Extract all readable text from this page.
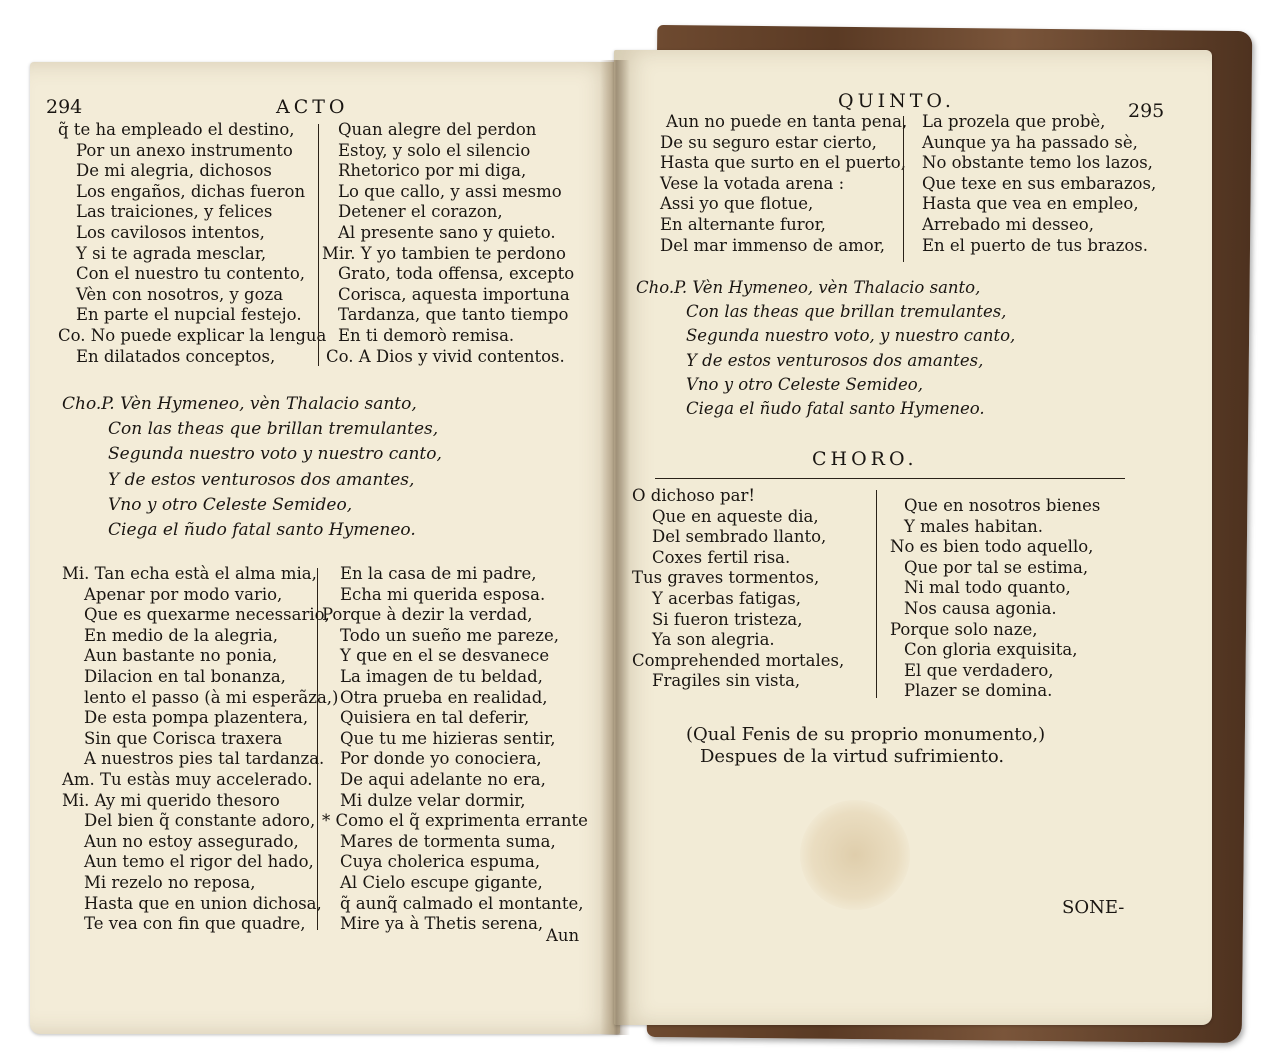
294	ACTO
q̃ te ha empleado el destino,
Por un anexo instrumento
De mi alegria, dichosos
Los engaños, dichas fueron
Las traiciones, y felices
Los cavilosos intentos,
Y si te agrada mesclar,
Con el nuestro tu contento,
Vèn con nosotros, y goza
En parte el nupcial festejo.
Co. No puede explicar la lengua
En dilatados conceptos,
Quan alegre del perdon
Estoy, y solo el silencio
Rhetorico por mi diga,
Lo que callo, y assi mesmo
Detener el corazon,
Al presente sano y quieto.
Mir. Y yo tambien te perdono
Grato, toda offensa, excepto
Corisca, aquesta importuna
Tardanza, que tanto tiempo
En ti demorò remisa.
Co. A Dios y vivid contentos.
Cho.P. Vèn Hymeneo, vèn Thalacio santo,
Con las theas que brillan tremulantes,
Segunda nuestro voto y nuestro canto,
Y de estos venturosos dos amantes,
Vno y otro Celeste Semideo,
Ciega el ñudo fatal santo Hymeneo.
Mi. Tan echa està el alma mia,
Apenar por modo vario,
Que es quexarme necessario,
En medio de la alegria,
Aun bastante no ponia,
Dilacion en tal bonanza,
lento el passo (à mi esperãza,)
De esta pompa plazentera,
Sin que Corisca traxera
A nuestros pies tal tardanza.
Am. Tu estàs muy accelerado.
Mi. Ay mi querido thesoro
Del bien q̃ constante adoro,
Aun no estoy assegurado,
Aun temo el rigor del hado,
Mi rezelo no reposa,
Hasta que en union dichosa,
Te vea con fin que quadre,
En la casa de mi padre,
Echa mi querida esposa.
Porque à dezir la verdad,
Todo un sueño me pareze,
Y que en el se desvanece
La imagen de tu beldad,
Otra prueba en realidad,
Quisiera en tal deferir,
Que tu me hizieras sentir,
Por donde yo conociera,
De aqui adelante no era,
Mi dulze velar dormir,
* Como el q̃ exprimenta errante
Mares de tormenta suma,
Cuya cholerica espuma,
Al Cielo escupe gigante,
q̃ aunq̃ calmado el montante,
Mire ya à Thetis serena,
Aun
QUINTO.	295
Aun no puede en tanta pena,
De su seguro estar cierto,
Hasta que surto en el puerto,
Vese la votada arena :
Assi yo que flotue,
En alternante furor,
Del mar immenso de amor,
La prozela que probè,
Aunque ya ha passado sè,
No obstante temo los lazos,
Que texe en sus embarazos,
Hasta que vea en empleo,
Arrebado mi desseo,
En el puerto de tus brazos.
Cho.P. Vèn Hymeneo, vèn Thalacio santo,
Con las theas que brillan tremulantes,
Segunda nuestro voto, y nuestro canto,
Y de estos venturosos dos amantes,
Vno y otro Celeste Semideo,
Ciega el ñudo fatal santo Hymeneo.
CHORO.
O dichoso par!
Que en aqueste dia,
Del sembrado llanto,
Coxes fertil risa.
Tus graves tormentos,
Y acerbas fatigas,
Si fueron tristeza,
Ya son alegria.
Comprehended mortales,
Fragiles sin vista,
Que en nosotros bienes
Y males habitan.
No es bien todo aquello,
Que por tal se estima,
Ni mal todo quanto,
Nos causa agonia.
Porque solo naze,
Con gloria exquisita,
El que verdadero,
Plazer se domina.
(Qual Fenis de su proprio monumento,)
Despues de la virtud sufrimiento.
SONE-
